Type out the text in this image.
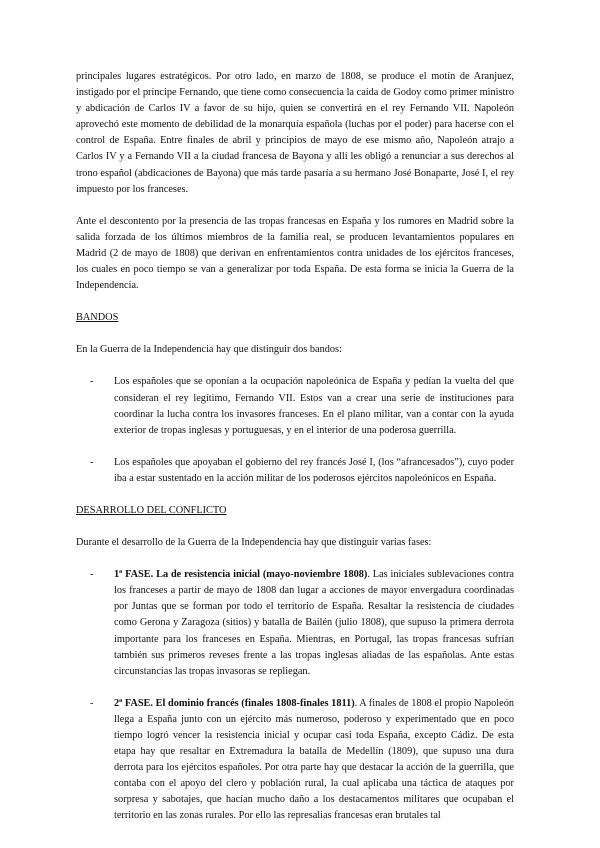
principales lugares estratégicos. Por otro lado, en marzo de 1808, se produce el motín de Aranjuez, instigado por el príncipe Fernando, que tiene como consecuencia la caída de Godoy como primer ministro y abdicación de Carlos IV a favor de su hijo, quien se convertirá en el rey Fernando VII. Napoleón aprovechó este momento de debilidad de la monarquía española (luchas por el poder) para hacerse con el control de España. Entre finales de abril y principios de mayo de ese mismo año, Napoleón atrajo a Carlos IV y a Fernando VII a la ciudad francesa de Bayona y allí les obligó a renunciar a sus derechos al trono español (abdicaciones de Bayona) que más tarde pasaría a su hermano José Bonaparte, José I, el rey impuesto por los franceses.

Ante el descontento por la presencia de las tropas francesas en España y los rumores en Madrid sobre la salida forzada de los últimos miembros de la familia real, se producen levantamientos populares en Madrid (2 de mayo de 1808) que derivan en enfrentamientos contra unidades de los ejércitos franceses, los cuales en poco tiempo se van a generalizar por toda España. De esta forma se inicia la Guerra de la Independencia.

BANDOS

En la Guerra de la Independencia hay que distinguir dos bandos:

- Los españoles que se oponían a la ocupación napoleónica de España y pedían la vuelta del que consideran el rey legítimo, Fernando VII. Estos van a crear una serie de instituciones para coordinar la lucha contra los invasores franceses. En el plano militar, van a contar con la ayuda exterior de tropas inglesas y portuguesas, y en el interior de una poderosa guerrilla.
- Los españoles que apoyaban el gobierno del rey francés José I, (los “afrancesados”), cuyo poder iba a estar sustentado en la acción militar de los poderosos ejércitos napoleónicos en España.

DESARROLLO DEL CONFLICTO

Durante el desarrollo de la Guerra de la Independencia hay que distinguir varias fases:

- 1ª FASE. La de resistencia inicial (mayo-noviembre 1808). Las iniciales sublevaciones contra los franceses a partir de mayo de 1808 dan lugar a acciones de mayor envergadura coordinadas por Juntas que se forman por todo el territorio de España. Resaltar la resistencia de ciudades como Gerona y Zaragoza (sitios) y batalla de Bailén (julio 1808), que supuso la primera derrota importante para los franceses en España. Mientras, en Portugal, las tropas francesas sufrían también sus primeros reveses frente a las tropas inglesas aliadas de las españolas. Ante estas circunstancias las tropas invasoras se repliegan.
- 2ª FASE. El dominio francés (finales 1808-finales 1811). A finales de 1808 el propio Napoleón llega a España junto con un ejército más numeroso, poderoso y experimentado que en poco tiempo logró vencer la resistencia inicial y ocupar casi toda España, excepto Cádiz. De esta etapa hay que resaltar en Extremadura la batalla de Medellín (1809), que supuso una dura derrota para los ejércitos españoles. Por otra parte hay que destacar la acción de la guerrilla, que contaba con el apoyo del clero y población rural, la cual aplicaba una táctica de ataques por sorpresa y sabotajes, que hacían mucho daño a los destacamentos militares que ocupaban el territorio en las zonas rurales. Por ello las represalias francesas eran brutales tal
